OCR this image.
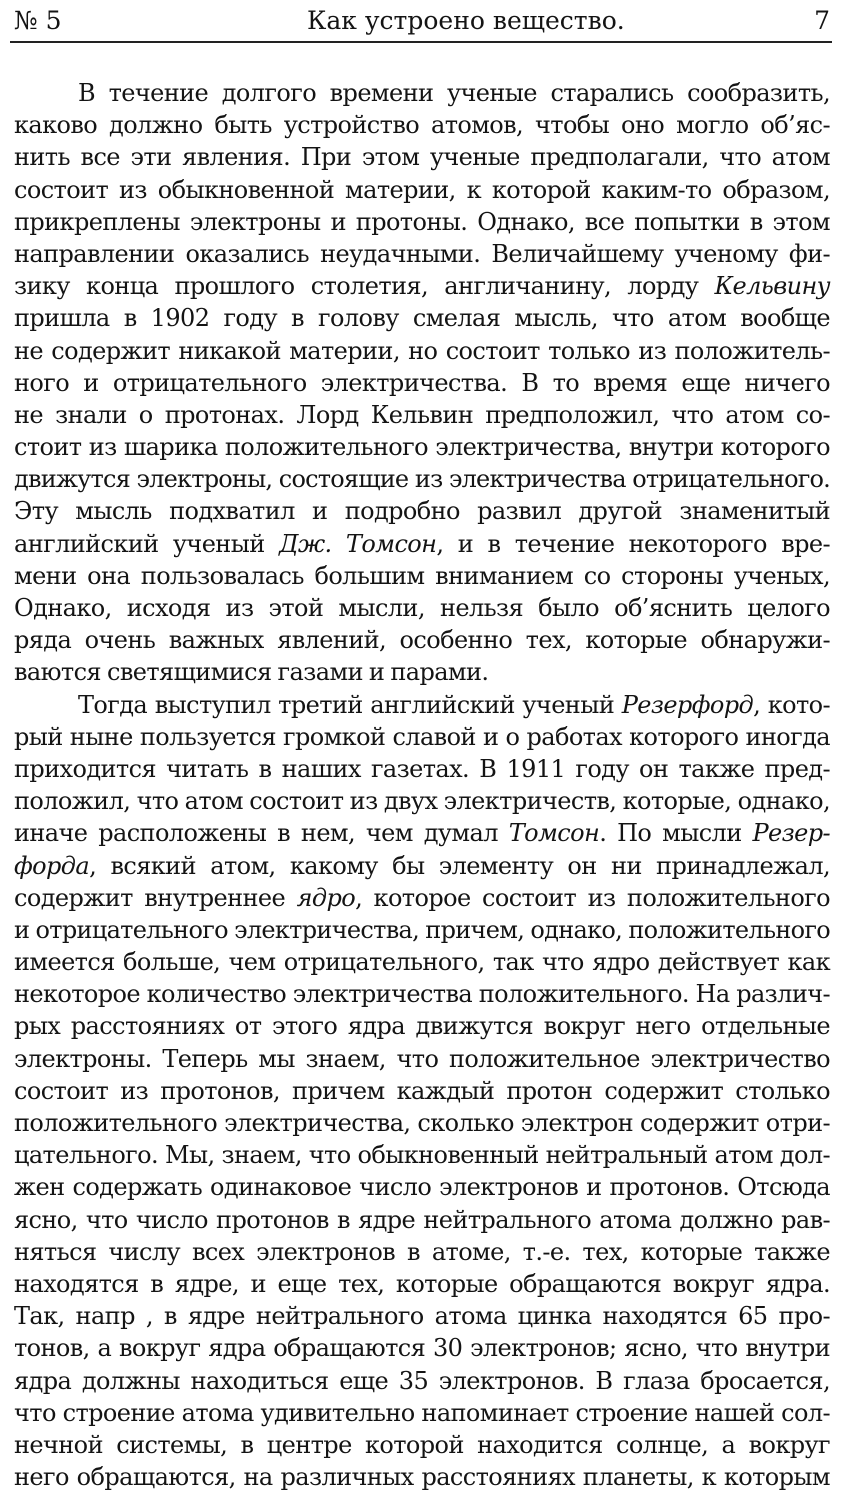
№ 5	Как устроено вещество.	7
В течение долгого времени ученые старались сообразить,
каково должно быть устройство атомов, чтобы оно могло об’яс-
нить все эти явления. При этом ученые предполагали, что атом
состоит из обыкновенной материи, к которой каким-то образом,
прикреплены электроны и протоны. Однако, все попытки в этом
направлении оказались неудачными. Величайшему ученому фи-
зику конца прошлого столетия, англичанину, лорду Кельвину
пришла в 1902 году в голову смелая мысль, что атом вообще
не содержит никакой материи, но состоит только из положитель-
ного и отрицательного электричества. В то время еще ничего
не знали о протонах. Лорд Кельвин предположил, что атом со-
стоит из шарика положительного электричества, внутри которого
движутся электроны, состоящие из электричества отрицательного.
Эту мысль подхватил и подробно развил другой знаменитый
английский ученый Дж. Томсон, и в течение некоторого вре-
мени она пользовалась большим вниманием со стороны ученых,
Однако, исходя из этой мысли, нельзя было об’яснить целого
ряда очень важных явлений, особенно тех, которые обнаружи-
ваются светящимися газами и парами.
Тогда выступил третий английский ученый Резерфорд, кото-
рый ныне пользуется громкой славой и о работах которого иногда
приходится читать в наших газетах. В 1911 году он также пред-
положил, что атом состоит из двух электричеств, которые, однако,
иначе расположены в нем, чем думал Томсон. По мысли Резер-
форда, всякий атом, какому бы элементу он ни принадлежал,
содержит внутреннее ядро, которое состоит из положительного
и отрицательного электричества, причем, однако, положительного
имеется больше, чем отрицательного, так что ядро действует как
некоторое количество электричества положительного. На различ-
рых расстояниях от этого ядра движутся вокруг него отдельные
электроны. Теперь мы знаем, что положительное электричество
состоит из протонов, причем каждый протон содержит столько
положительного электричества, сколько электрон содержит отри-
цательного. Мы, знаем, что обыкновенный нейтральный атом дол-
жен содержать одинаковое число электронов и протонов. Отсюда
ясно, что число протонов в ядре нейтрального атома должно рав-
няться числу всех электронов в атоме, т.-е. тех, которые также
находятся в ядре, и еще тех, которые обращаются вокруг ядра.
Так, напр , в ядре нейтрального атома цинка находятся 65 про-
тонов, а вокруг ядра обращаются 30 электронов; ясно, что внутри
ядра должны находиться еще 35 электронов. В глаза бросается,
что строение атома удивительно напоминает строение нашей сол-
нечной системы, в центре которой находится солнце, а вокруг
него обращаются, на различных расстояниях планеты, к которым
